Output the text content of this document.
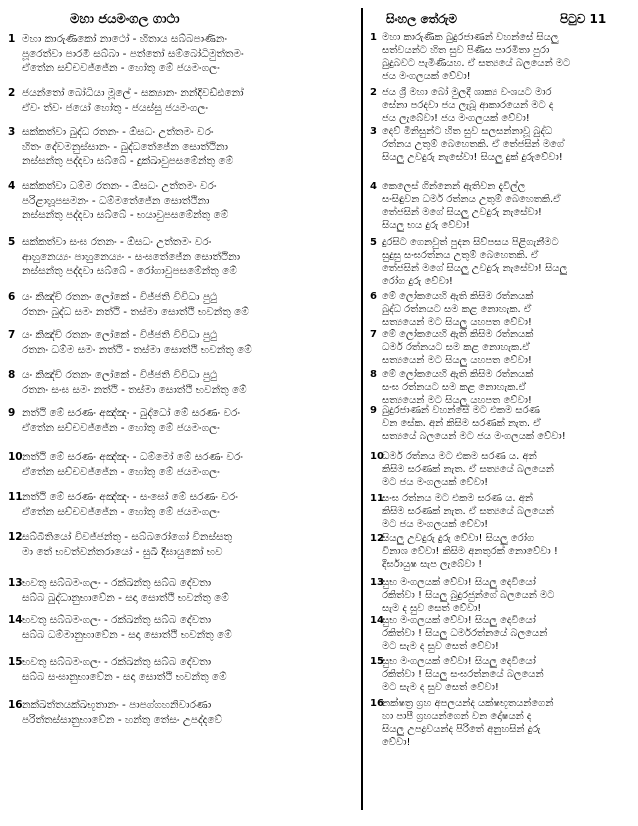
මහා ජයමංගල ගාථා	සිංහල තේරුම	පිටුව 11
1 මහා කාරුණිකෝ නාථෝ - හිතාය සබ්බපාණිනං
පූරෙත්වා පාරමී සබ්බා - පත්තෝ සම්බෝධිමුත්තමං
ඒතේන සච්චවජ්ජේන - හෝතු මේ ජයමංගලං
2 ජයන්තෝ බෝධියා මූලේ - සක්‍යානං නන්දිවඩ්ඪනෝ
ඒවං ත්වං ජයෝ හෝතු - ජයස්සු ජයමංගලං
3 සක්කත්වා බුද්ධ රතනං - ඕසධං උත්තමං වරං
හිතං දේවමනුස්සානං - බුද්ධතේජේන සොත්ථිනා
නස්සන්තු පද්දවා සබ්බේ - දුක්ඛාවුපසමේන්තු මේ
4 සක්කත්වා ධම්ම රතනං - ඕසධං උත්තමං වරං
පරිළාහූපසමනං - ධම්මතේජේන සොත්ථිනා
නස්සන්තු පද්දවා සබ්බේ - භයාවුපසමේන්තු මේ
5 සක්කත්වා සංඝ රතනං - ඕසධං උත්තමං වරං
ආහුනෙය්‍යං පාහුනෙය්‍යං - සංඝතේජේන සොත්ථිනා
නස්සන්තු පද්දවා සබ්බේ - රෝගාවුපසමේන්තු මේ
6 යං කිඤ්චි රතනං ලෝකේ - විජ්ජති විවිධා පුථු
රතනං බුද්ධ සමං නත්ථි - තස්මා සොත්ථි භවන්තු මේ
7 යං කිඤ්චි රතනං ලෝකේ - විජ්ජති විවිධා පුථු
රතනං ධම්ම සමං නත්ථි - තස්මා සොත්ථි භවන්තු මේ
8 යං කිඤ්චි රතනං ලෝකේ - විජ්ජති විවිධා පුථු
රතනං සංඝ සමං නත්ථි - තස්මා සොත්ථි භවන්තු මේ
9 නත්ථි මේ සරණං අඤ්ඤං - බුද්ධෝ මේ සරණං වරං
ඒතේන සච්චවජ්ජේන - හෝතු මේ ජයමංගලං
10 නත්ථි මේ සරණං අඤ්ඤං - ධම්මෝ මේ සරණං වරං
ඒතේන සච්චවජ්ජේන - හෝතු මේ ජයමංගලං
11 නත්ථි මේ සරණං අඤ්ඤං - සංඝෝ මේ සරණං වරං
ඒතේන සච්චවජ්ජේන - හෝතු මේ ජයමංගලං
12 සබ්බීතියෝ විවජ්ජන්තු - සබ්බරෝගෝ විනස්සතු
මා තේ භවත්වන්තරායෝ - සුඛී දීඝායුකෝ භව
13 භවතු සබ්බමංගලං - රක්ඛන්තු සබ්බ දේවතා
සබ්බ බුද්ධානුභාවේන - සදා සොත්ථි භවන්තු මේ
14 භවතු සබ්බමංගලං - රක්ඛන්තු සබ්බ දේවතා
සබ්බ ධම්මානුභාවේන - සදා සොත්ථි භවන්තු මේ
15 භවතු සබ්බමංගලං - රක්ඛන්තු සබ්බ දේවතා
සබ්බ සංඝානුභාවේන - සදා සොත්ථි භවන්තු මේ
16 නක්ඛත්තයක්ඛභූතානං - පාපග්ගහනිවාරණා
පරිත්තස්සානුභාවේන - හන්තු තේසං උපද්දවේ
1 මහා කාරුණික බුදුරජාණන් වහන්සේ සියලු
සත්වයන්ට හිත සුව පිණිස පාරමිතා පුරා
බුදුබවට පැමිණියහ. ඒ සත්‍යයේ බලයෙන් මට
ජය මංගලයක් වේවා!
2 ජය ශ්‍රී මහා බෝ මුලදී ශාක්‍ය වංශයට මාර
සේනා පරදවා ජය ලැබූ ආකාරයෙන් මට ද
ජය ලැබේවා! ජය මංගලයක් වේවා!
3 දෙව් මිනිසුන්ට හිත සුව සලසන්නාවූ බුද්ධ
රත්නය උතුම් බෙහෙතකි. ඒ තේජසින් මගේ
සියලු උවදුරු නැසේවා! සියලු දුක් දුරුවේවා!
4 කෙලෙස් ගින්නෙන් ඇතිවන දැවිල්ල
සංසිඳුවන ධර්ම රත්නය උතුම් බෙහෙතකි.ඒ
තේජසින් මගේ සියලු උවදුරු නැසේවා!
සියලු භය දුරු වේවා!
5 දුරසිට ගෙනවුත් පුදන සිව්පසය පිළිගැනීමට
සුදුසු සංඝරත්නය උතුම් බෙහෙතකි. ඒ
තේජසින් මගේ සියලු උවදුරු නැසේවා! සියලු
රෝග දුරු වේවා!
6 මේ ලෝකයෙහි ඇති කිසිම රත්නයක්
බුද්ධ රත්නයට සම කළ නොහැක. ඒ
සත්‍යයෙන් මට සියලු යහපත වේවා!
7 මේ ලෝකයෙහි ඇති කිසිම රත්නයක්
ධර්ම රත්නයට සම කළ නොහැක.ඒ
සත්‍යයෙන් මට සියලු යහපත වේවා!
8 මේ ලෝකයෙහි ඇති කිසිම රත්නයක්
සංඝ රත්නයට සම කළ නොහැක.ඒ
සත්‍යයෙන් මට සියලු යහපත වේවා!
9 බුදුරජාණන් වහන්සේ මට එකම සරණ
වන සේක. අන් කිසිම සරණක් නැත. ඒ
සත්‍යයේ බලයෙන් මට ජය මංගලයක් වේවා!
10ධර්ම රත්නය මට එකම සරණ ය. අන්
කිසිම සරණක් නැත. ඒ සත්‍යයේ බලයෙන්
මට ජය මංගලයක් වේවා!
11සංඝ රත්නය මට එකම සරණ ය. අන්
කිසිම සරණක් නැත. ඒ සත්‍යයේ බලයෙන්
මට ජය මංගලයක් වේවා!
12සියලු උවදුරු දුරු වේවා! සියලු රෝග
විනාශ වේවා! කිසිම අනතුරක් නොවේවා !
දීර්ඝායුෂ සැප ලැබේවා !
13සුභ මංගලයක් වේවා! සියලු දෙවියෝ
රකිත්වා ! සියලු බුදුරජුන්ගේ බලයෙන් මට
සැම ද සුව සෙත් වේවා!
14සුභ මංගලයක් වේවා! සියලු දෙවියෝ
රකිත්වා ! සියලු ධර්මරත්නයේ බලයෙන්
මට සැම ද සුව සෙත් වේවා!
15සුභ මංගලයක් වේවා! සියලු දෙවියෝ
රකිත්වා ! සියලු සංඝරත්නයේ බලයෙන්
මට සැම ද සුව සෙත් වේවා!
16නක්ෂත්‍ර ග්‍රහ අපලයන්ද යක්ෂභූතයන්ගෙන්
හා පාපී ග්‍රහයන්ගෙන් වන දෝෂයන් ද
සියලු උපද්‍රවයන්ද පිරිතේ අනුහසින් දුරු
වේවා!
